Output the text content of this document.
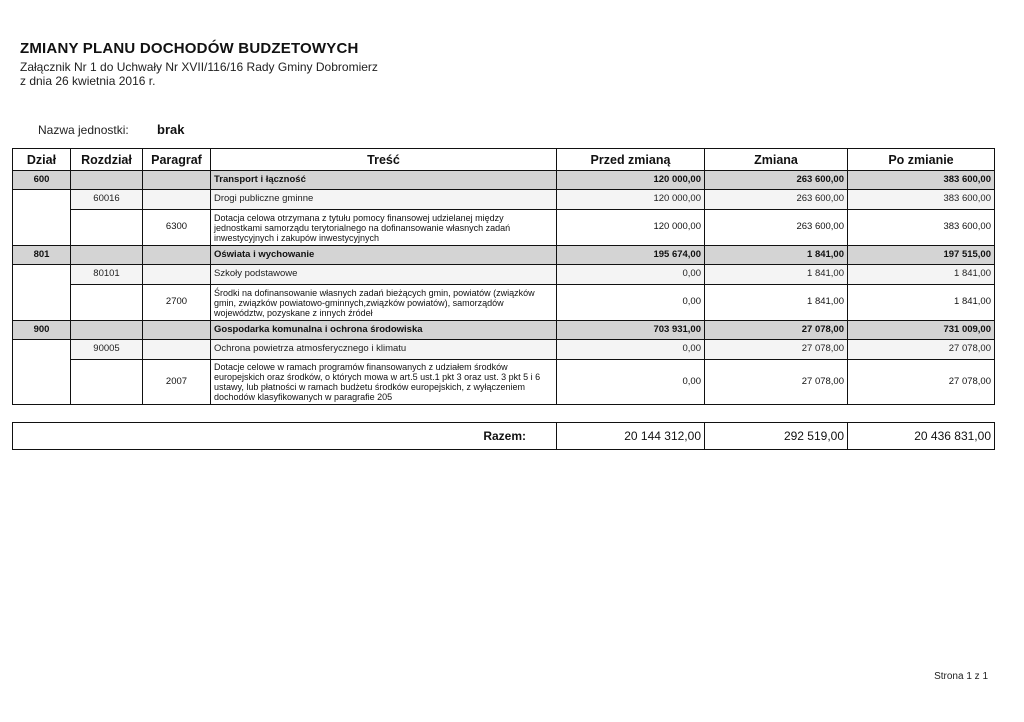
ZMIANY PLANU DOCHODÓW BUDZETOWYCH
Załącznik Nr 1 do Uchwały Nr XVII/116/16 Rady Gminy Dobromierz
z dnia 26 kwietnia 2016 r.
Nazwa jednostki: brak
Dział	Rozdział	Paragraf	Treść	Przed zmianą	Zmiana	Po zmianie
600			Transport i łączność	120 000,00	263 600,00	383 600,00
	60016		Drogi publiczne gminne	120 000,00	263 600,00	383 600,00
		6300	Dotacja celowa otrzymana z tytułu pomocy finansowej udzielanej między jednostkami samorządu terytorialnego na dofinansowanie własnych zadań inwestycyjnych i zakupów inwestycyjnych	120 000,00	263 600,00	383 600,00
801			Oświata i wychowanie	195 674,00	1 841,00	197 515,00
	80101		Szkoły podstawowe	0,00	1 841,00	1 841,00
		2700	Środki na dofinansowanie własnych zadań bieżących gmin, powiatów (związków gmin, związków powiatowo-gminnych,związków powiatów), samorządów województw, pozyskane z innych źródeł	0,00	1 841,00	1 841,00
900			Gospodarka komunalna i ochrona środowiska	703 931,00	27 078,00	731 009,00
	90005		Ochrona powietrza atmosferycznego i klimatu	0,00	27 078,00	27 078,00
		2007	Dotacje celowe w ramach programów finansowanych z udziałem środków europejskich oraz środków, o których mowa w art.5 ust.1 pkt 3 oraz ust. 3 pkt 5 i 6 ustawy, lub płatności w ramach budżetu środków europejskich, z wyłączeniem dochodów klasyfikowanych w paragrafie 205	0,00	27 078,00	27 078,00
Razem:	20 144 312,00	292 519,00	20 436 831,00
Strona 1 z 1
